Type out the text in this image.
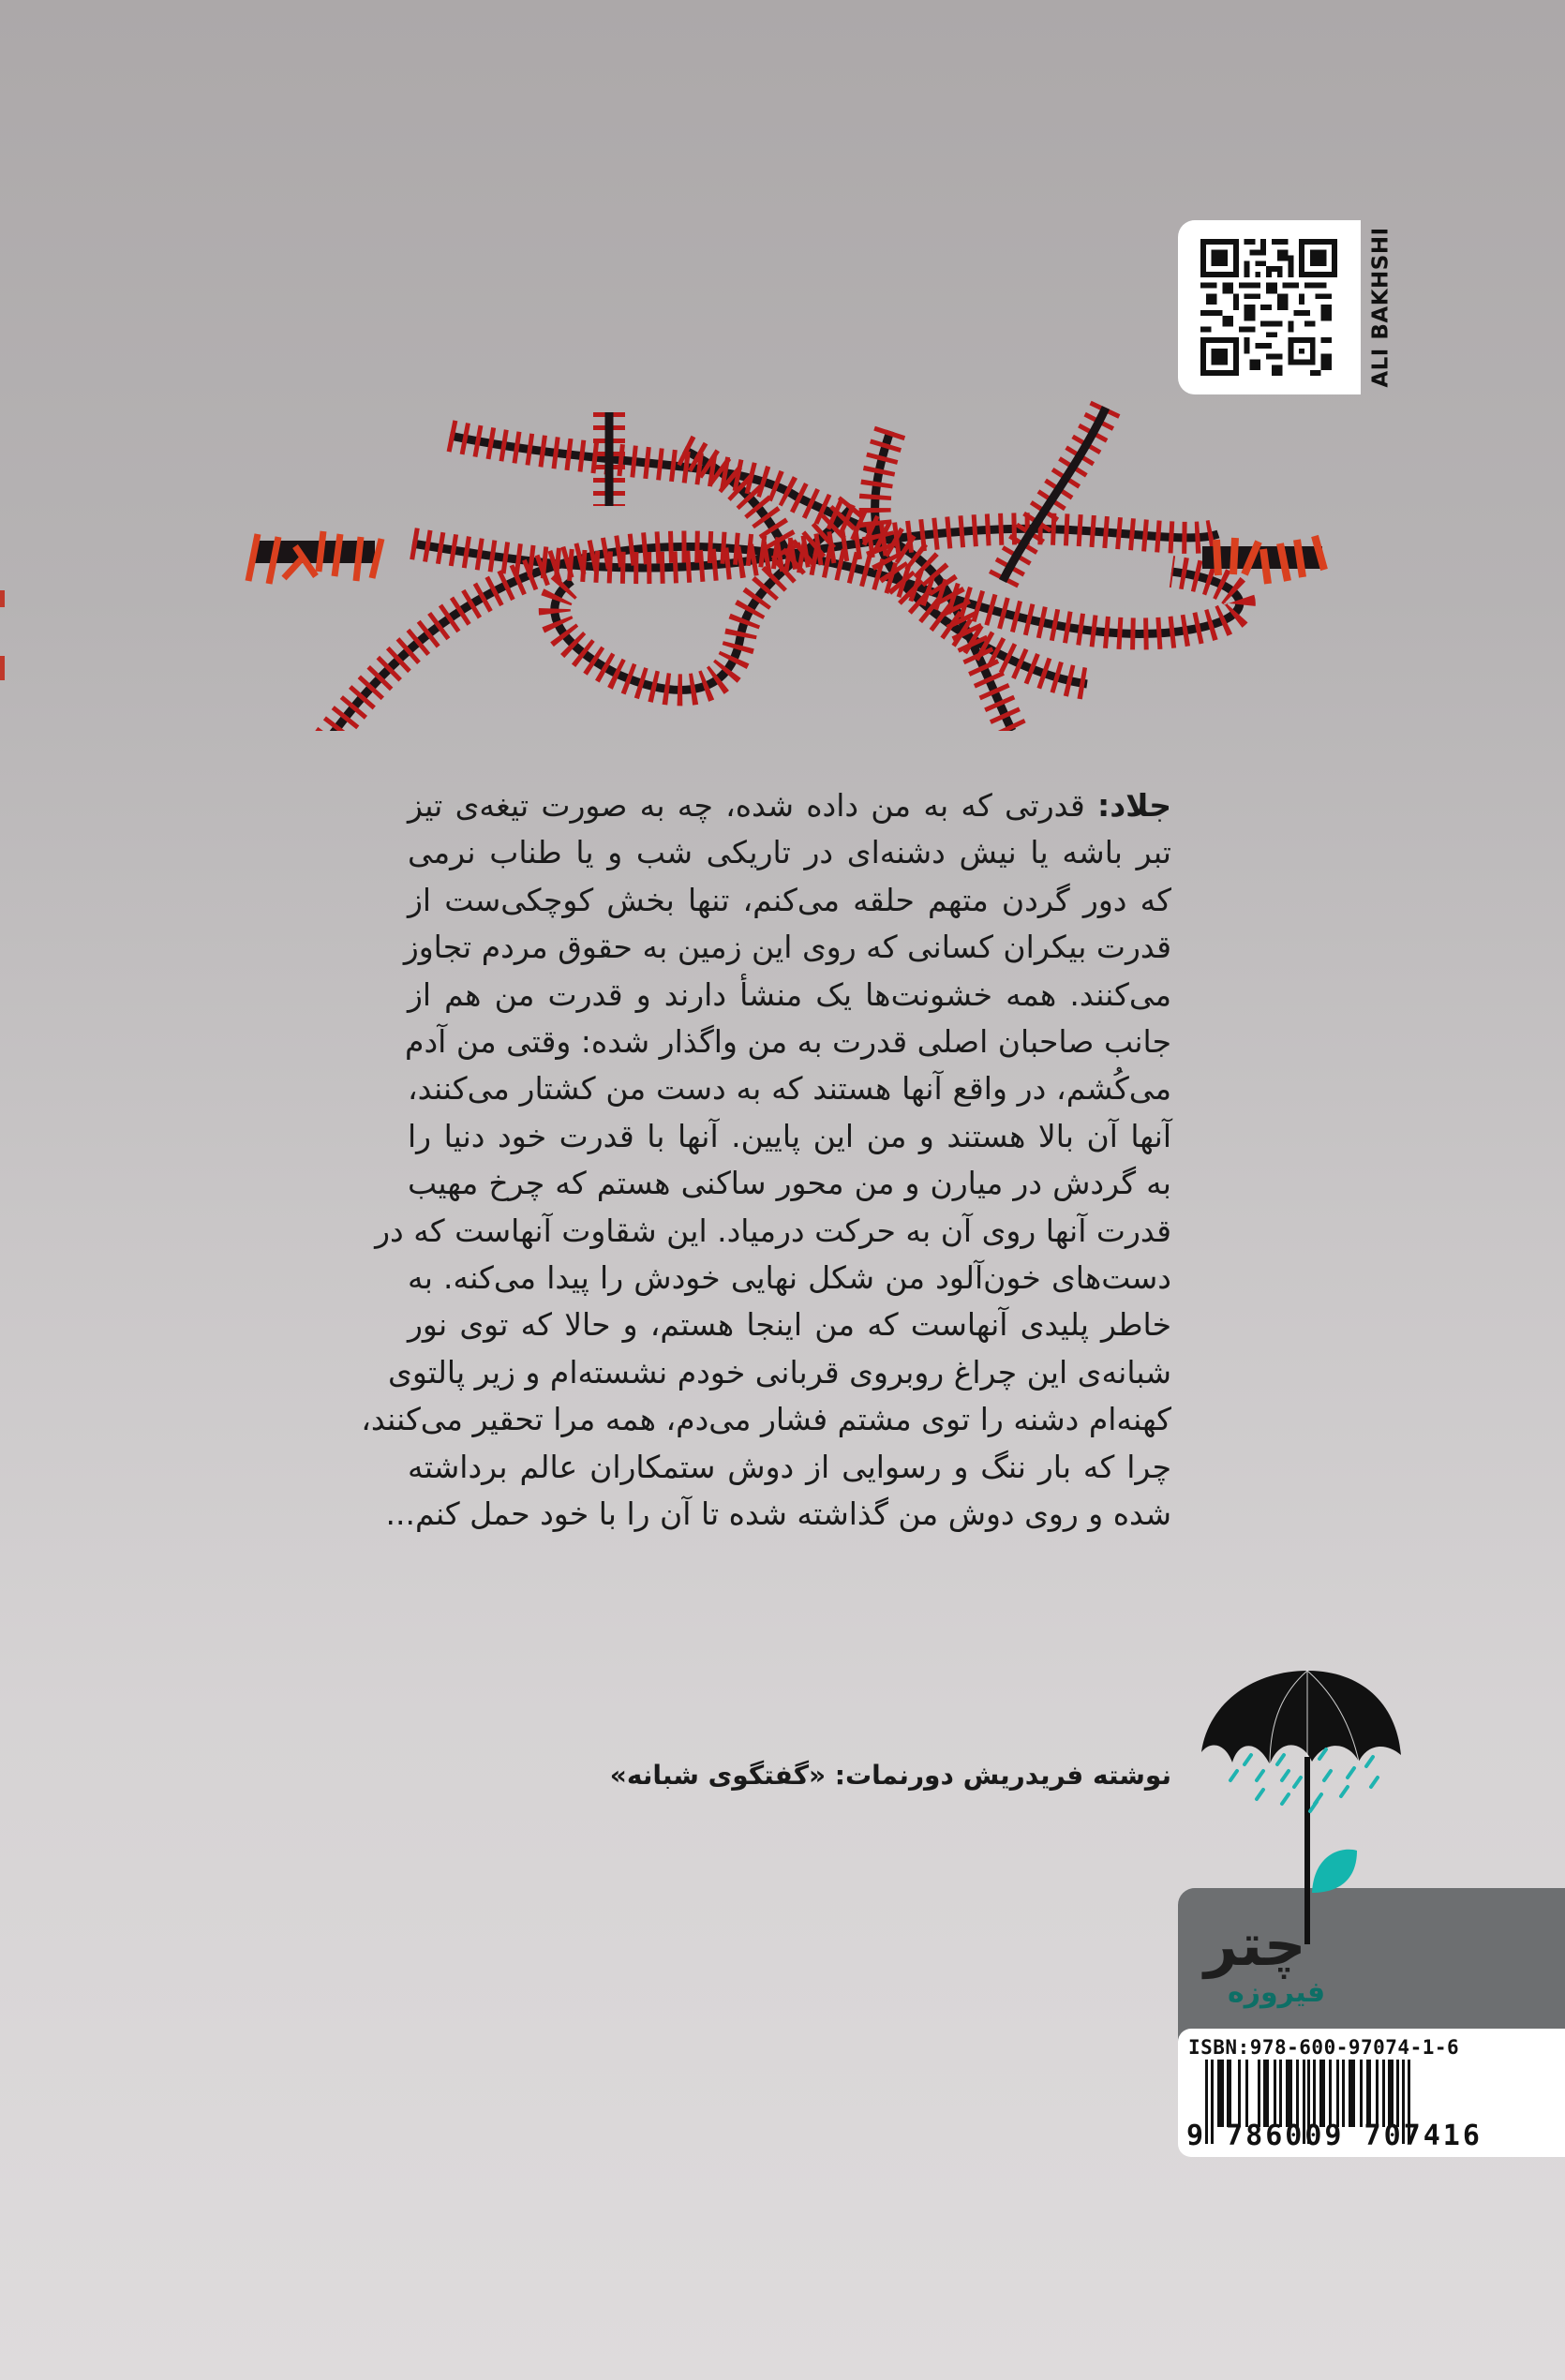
ALI BAKHSHI
جلاد: قدرتی که به من داده شده، چه به صورت تیغه‌ی تیز
تبر باشه یا نیش دشنه‌ای در تاریکی شب و یا طناب نرمی
که دور گردن متهم حلقه می‌کنم، تنها بخش کوچکی‌ست از
قدرت بیکران کسانی که روی این زمین به حقوق مردم تجاوز
می‌کنند. همه خشونت‌ها یک منشأ دارند و قدرت من هم از
جانب صاحبان اصلی قدرت به من واگذار شده: وقتی من آدم
می‌کُشم، در واقع آنها هستند که به دست من کشتار می‌کنند،
آنها آن بالا هستند و من این پایین. آنها با قدرت خود دنیا را
به گردش در میارن و من محور ساکنی هستم که چرخ مهیب
قدرت آنها روی آن به حرکت درمیاد. این شقاوت آنهاست که در
دست‌های خون‌آلود من شکل نهایی خودش را پیدا می‌کنه. به
خاطر پلیدی آنهاست که من اینجا هستم، و حالا که توی نور
شبانه‌ی این چراغ روبروی قربانی خودم نشسته‌ام و زیر پالتوی
کهنه‌ام دشنه را توی مشتم فشار می‌دم، همه مرا تحقیر می‌کنند،
چرا که بار ننگ و رسوایی از دوش ستمکاران عالم برداشته
شده و روی دوش من گذاشته شده تا آن را با خود حمل کنم...
نوشته فریدریش دورنمات: «گفتگوی شبانه»
چتر
فیروزه
ISBN:978-600-97074-1-6
9 786009 707416
